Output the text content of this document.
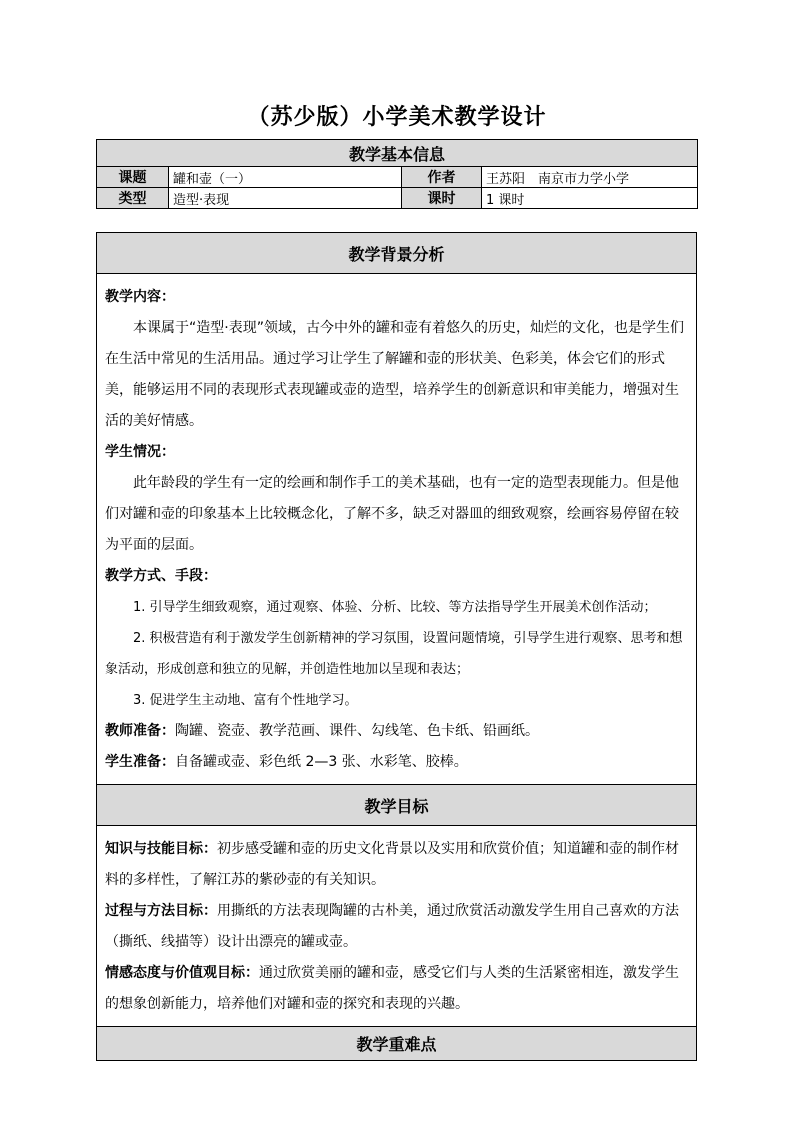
（苏少版）小学美术教学设计
教学基本信息			
课题	罐和壶（一）	作者	王苏阳　南京市力学小学
类型	造型·表现	课时	1 课时
教学背景分析

教学内容：

本课属于“造型·表现”领域，古今中外的罐和壶有着悠久的历史，灿烂的文化，也是学生们在生活中常见的生活用品。通过学习让学生了解罐和壶的形状美、色彩美，体会它们的形式美，能够运用不同的表现形式表现罐或壶的造型，培养学生的创新意识和审美能力，增强对生活的美好情感。

学生情况：

此年龄段的学生有一定的绘画和制作手工的美术基础，也有一定的造型表现能力。但是他们对罐和壶的印象基本上比较概念化，了解不多，缺乏对器皿的细致观察，绘画容易停留在较为平面的层面。

教学方式、手段：

1. 引导学生细致观察，通过观察、体验、分析、比较、等方法指导学生开展美术创作活动；

2. 积极营造有利于激发学生创新精神的学习氛围，设置问题情境，引导学生进行观察、思考和想象活动，形成创意和独立的见解，并创造性地加以呈现和表达；

3. 促进学生主动地、富有个性地学习。

教师准备：陶罐、瓷壶、教学范画、课件、勾线笔、色卡纸、铅画纸。

学生准备：自备罐或壶、彩色纸 2—3 张、水彩笔、胶棒。

教学目标

知识与技能目标：初步感受罐和壶的历史文化背景以及实用和欣赏价值；知道罐和壶的制作材料的多样性，了解江苏的紫砂壶的有关知识。

过程与方法目标：用撕纸的方法表现陶罐的古朴美，通过欣赏活动激发学生用自己喜欢的方法（撕纸、线描等）设计出漂亮的罐或壶。

情感态度与价值观目标：通过欣赏美丽的罐和壶，感受它们与人类的生活紧密相连，激发学生的想象创新能力，培养他们对罐和壶的探究和表现的兴趣。

教学重难点
